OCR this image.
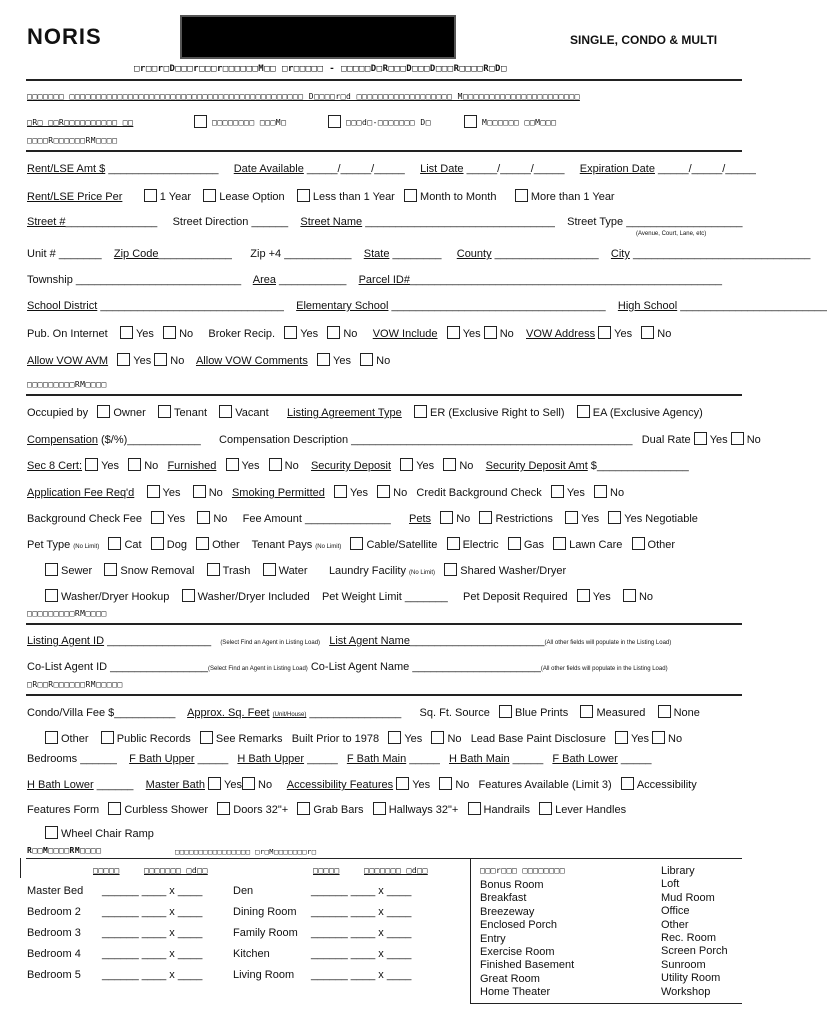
NORIS	SINGLE, CONDO & MULTI
□r□□r□D□□□r□□□r□□□□□□M□□ □r□□□□□ - □□□□□D□R□□□D□□□D□□□R□□□□R□D□
□□□□□□□ □□□□□□□□□□□□□□□□□□□□□□□□□□□□□□□□□□□□□□□□□□□□ D□□□□r□d □□□□□□□□□□□□□□□□□□ M□□□□□□□□□□□□□□□□□□□□□□
□R□ □□R□□□□□□□□□□ □□	□□□□□□□□ □□□M□	□□□d□-□□□□□□□ D□	M□□□□□□ □□M□□□
□□□□R□□□□□□RM□□□□
Rent/LSE Amt $ __________________ Date Available _____/_____/_____ List Date _____/_____/_____ Expiration Date _____/_____/_____
Rent/LSE Price Per	1 Year	Lease Option	Less than 1 Year Month to Month	More than 1 Year
Street #_______________ Street Direction ______ Street Name _______________________________ Street Type ___________________
(Avenue, Court, Lane, etc)
Unit # _______ Zip Code____________ Zip +4 ___________ State ________ County _________________ City _____________________________
Township ___________________________ Area ___________ Parcel ID#___________________________________________________
School District ______________________________ Elementary School ___________________________________ High School ________________________
Pub. On Internet	Yes No Broker Recip. Yes No VOW Include Yes No VOW Address Yes No
Allow VOW AVM Yes No Allow VOW Comments Yes No
□□□□□□□□□RM□□□□
Occupied by Owner	Tenant	Vacant Listing Agreement Type	ER (Exclusive Right to Sell)	EA (Exclusive Agency)
Compensation ($/%)____________ Compensation Description ______________________________________________ Dual Rate Yes No
Sec 8 Cert: Yes No Furnished Yes No Security Deposit Yes No Security Deposit Amt $_______________
Application Fee Req'd	Yes	No Smoking Permitted Yes No Credit Background Check Yes No
Background Check Fee Yes	No Fee Amount ______________ Pets No Restrictions	Yes Yes Negotiable
Pet Type (No Limit) Cat Dog Other Tenant Pays (No Limit) Cable/Satellite Electric Gas Lawn Care Other
Sewer	Snow Removal	Trash	Water Laundry Facility (No Limit) Shared Washer/Dryer
Washer/Dryer Hookup	Washer/Dryer Included Pet Weight Limit _______ Pet Deposit Required Yes	No
□□□□□□□□□RM□□□□
Listing Agent ID _________________ (Select Find an Agent in Listing Load) List Agent Name______________________(All other fields will populate in the Listing Load)
Co-List Agent ID ________________(Select Find an Agent in Listing Load) Co-List Agent Name _____________________(All other fields will populate in the Listing Load)
□R□□R□□□□□□RM□□□□□
Condo/Villa Fee $__________ Approx. Sq. Feet (Unit/House) _______________ Sq. Ft. Source Blue Prints	Measured	None
Other	Public Records See Remarks Built Prior to 1978 Yes No Lead Base Paint Disclosure Yes No
Bedrooms ______ F Bath Upper _____ H Bath Upper _____ F Bath Main _____ H Bath Main _____ F Bath Lower _____
H Bath Lower ______ Master Bath Yes No Accessibility Features Yes No Features Available (Limit 3) Accessibility
Features Form Curbless Shower Doors 32"+ Grab Bars Hallways 32"+ Handrails Lever Handles
Wheel Chair Ramp
R□□M□□□□RM□□□□	□□□□□□□□□□□□□□□□ □r□M□□□□□□□r□
□□□□□	□□□□□□□ □d□□	□□□□□	□□□□□□□ □d□□
Master Bed ______ ____ x ____
Bedroom 2 ______ ____ x ____
Bedroom 3 ______ ____ x ____
Bedroom 4 ______ ____ x ____
Bedroom 5 ______ ____ x ____
Den	______ ____ x ____
Dining Room ______ ____ x ____
Family Room ______ ____ x ____
Kitchen	______ ____ x ____
Living Room ______ ____ x ____
□□□r□□□ □□□□□□□□
Bonus Room
Breakfast
Breezeway
Enclosed Porch
Entry
Exercise Room
Finished Basement
Great Room
Home Theater
Library
Loft
Mud Room
Office
Other
Rec. Room
Screen Porch
Sunroom
Utility Room
Workshop
